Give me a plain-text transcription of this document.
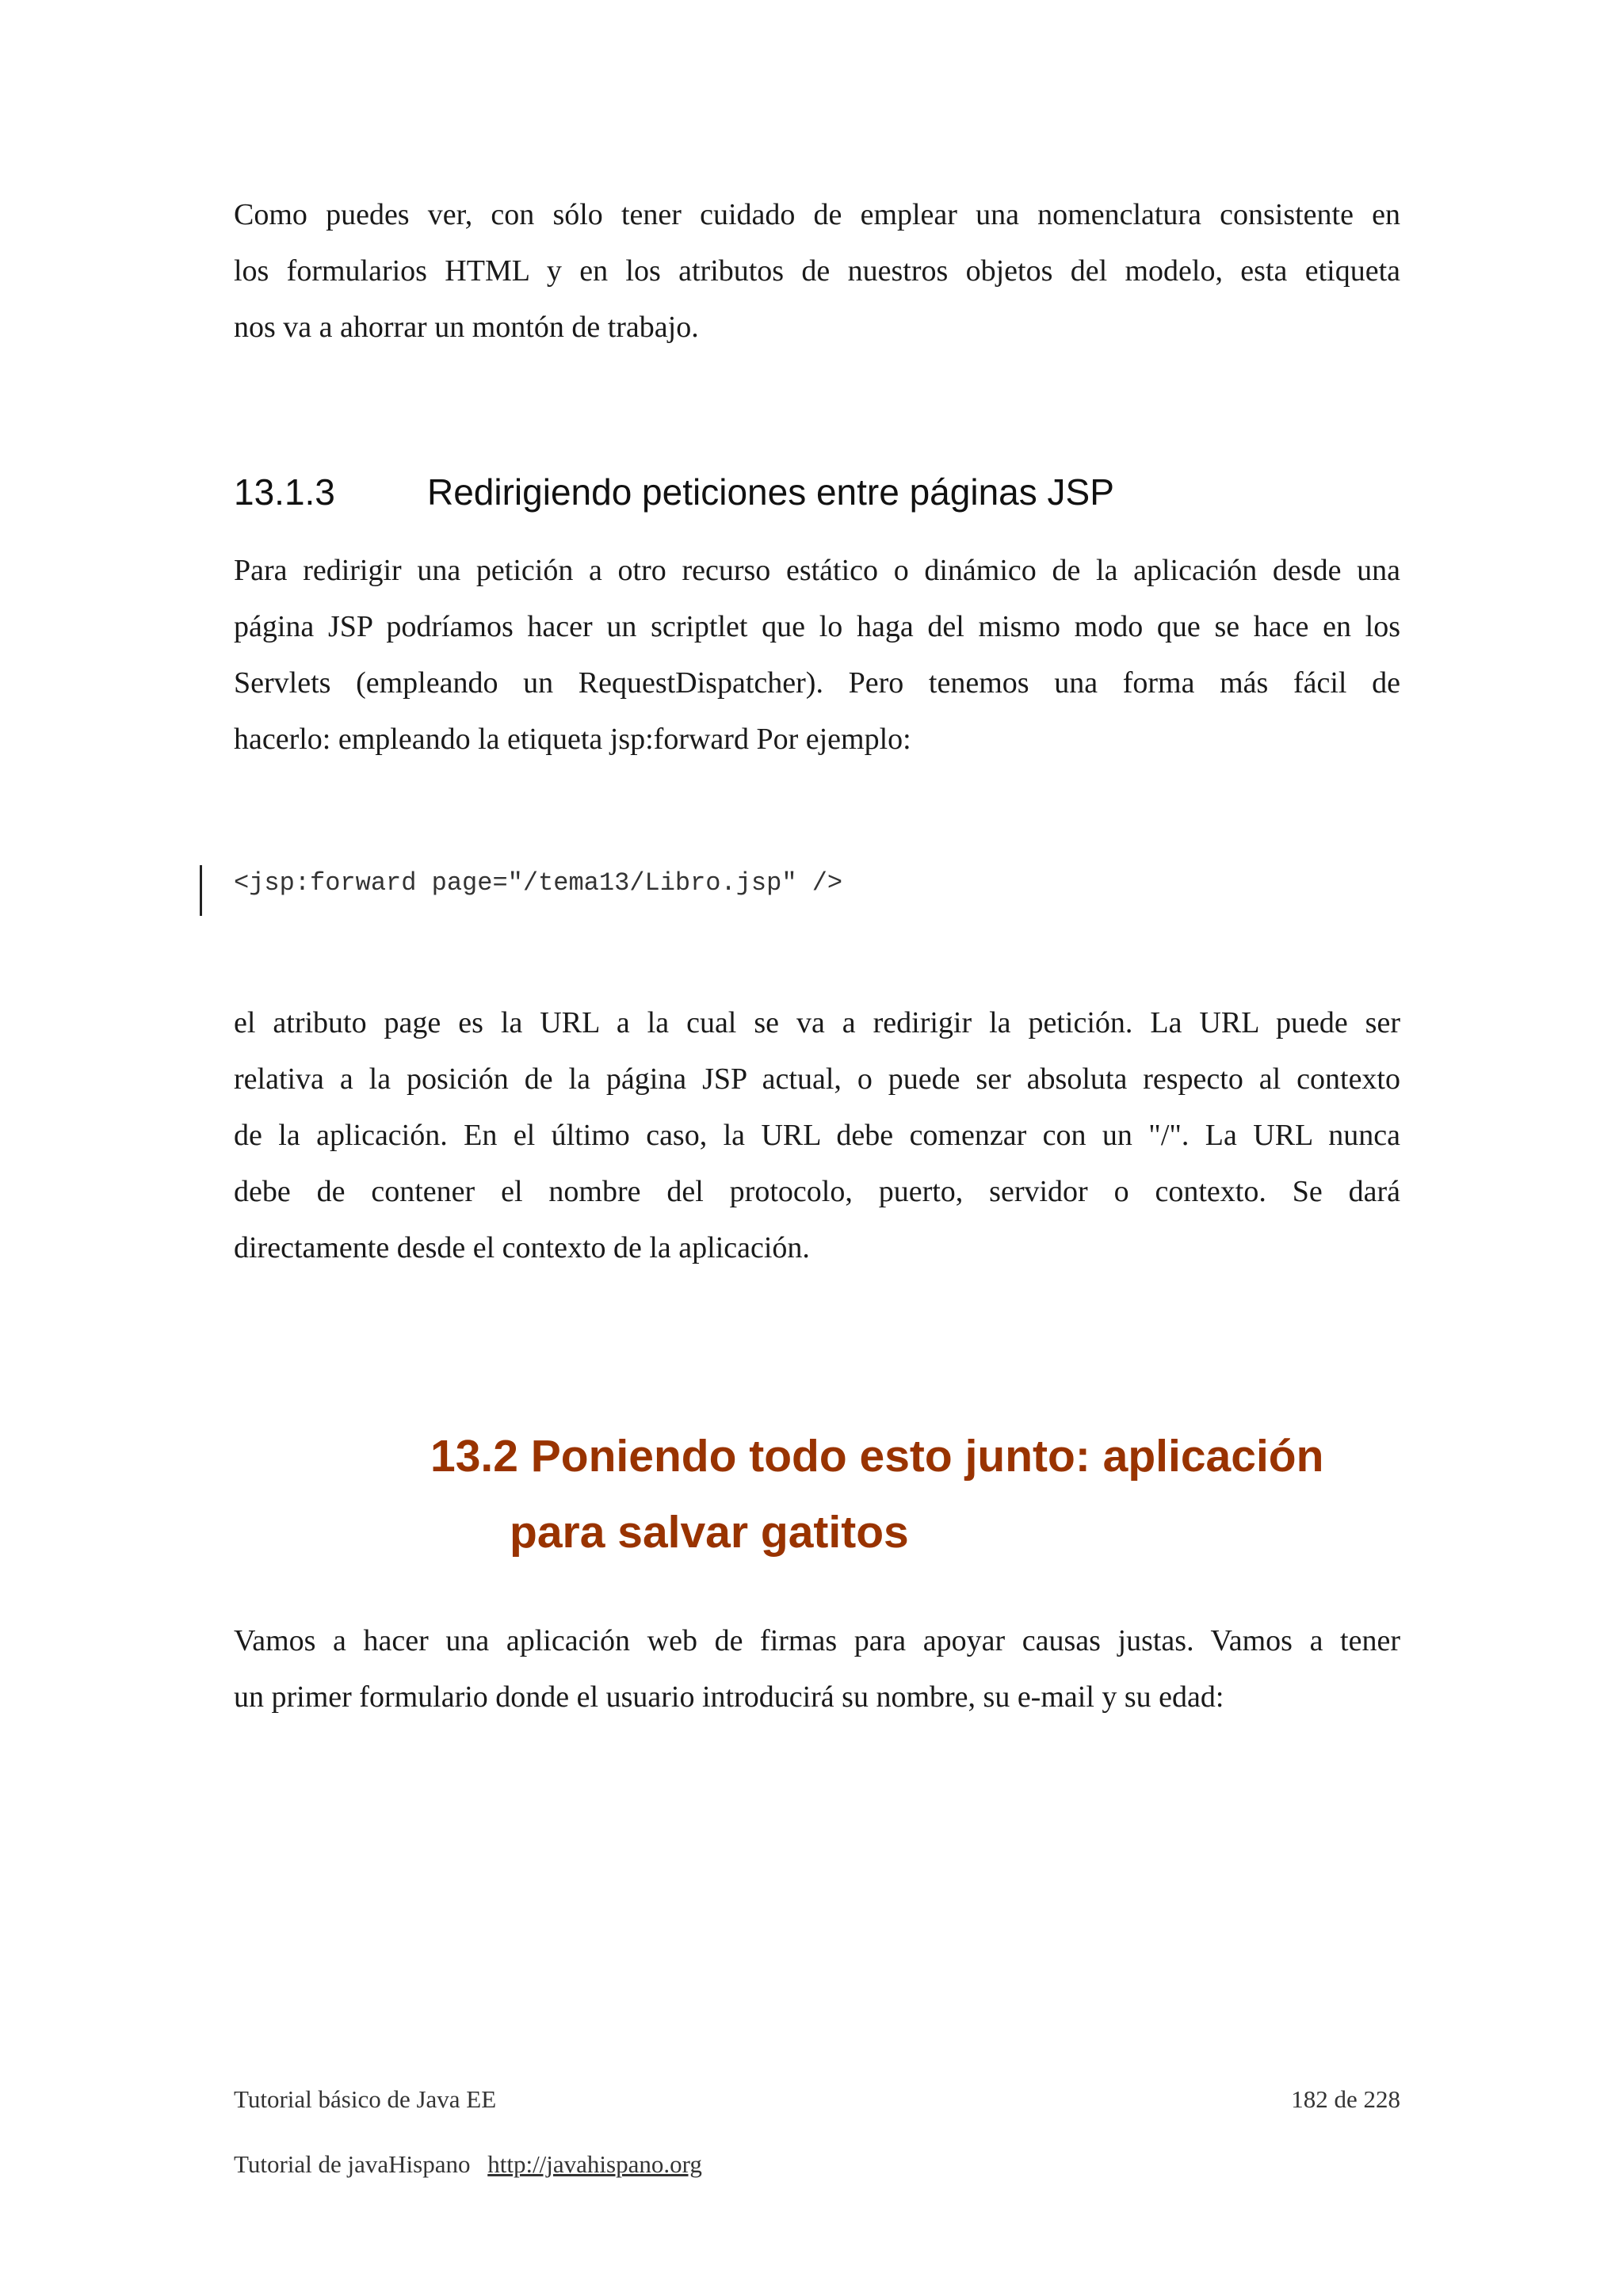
Como puedes ver, con sólo tener cuidado de emplear una nomenclatura consistente en
los formularios HTML y en los atributos de nuestros objetos del modelo, esta etiqueta
nos va a ahorrar un montón de trabajo.
13.1.3	Redirigiendo peticiones entre páginas JSP
Para redirigir una petición a otro recurso estático o dinámico de la aplicación desde una
página JSP podríamos hacer un scriptlet que lo haga del mismo modo que se hace en los
Servlets (empleando un RequestDispatcher). Pero tenemos una forma más fácil de
hacerlo: empleando la etiqueta jsp:forward Por ejemplo:
<jsp:forward page="/tema13/Libro.jsp" />
el atributo page es la URL a la cual se va a redirigir la petición. La URL puede ser
relativa a la posición de la página JSP actual, o puede ser absoluta respecto al contexto
de la aplicación. En el último caso, la URL debe comenzar con un "/". La URL nunca
debe de contener el nombre del protocolo, puerto, servidor o contexto. Se dará
directamente desde el contexto de la aplicación.
13.2 Poniendo todo esto junto: aplicación
para salvar gatitos
Vamos a hacer una aplicación web de firmas para apoyar causas justas. Vamos a tener
un primer formulario donde el usuario introducirá su nombre, su e-mail y su edad:
Tutorial básico de Java EE	182 de 228
Tutorial de javaHispano http://javahispano.org
